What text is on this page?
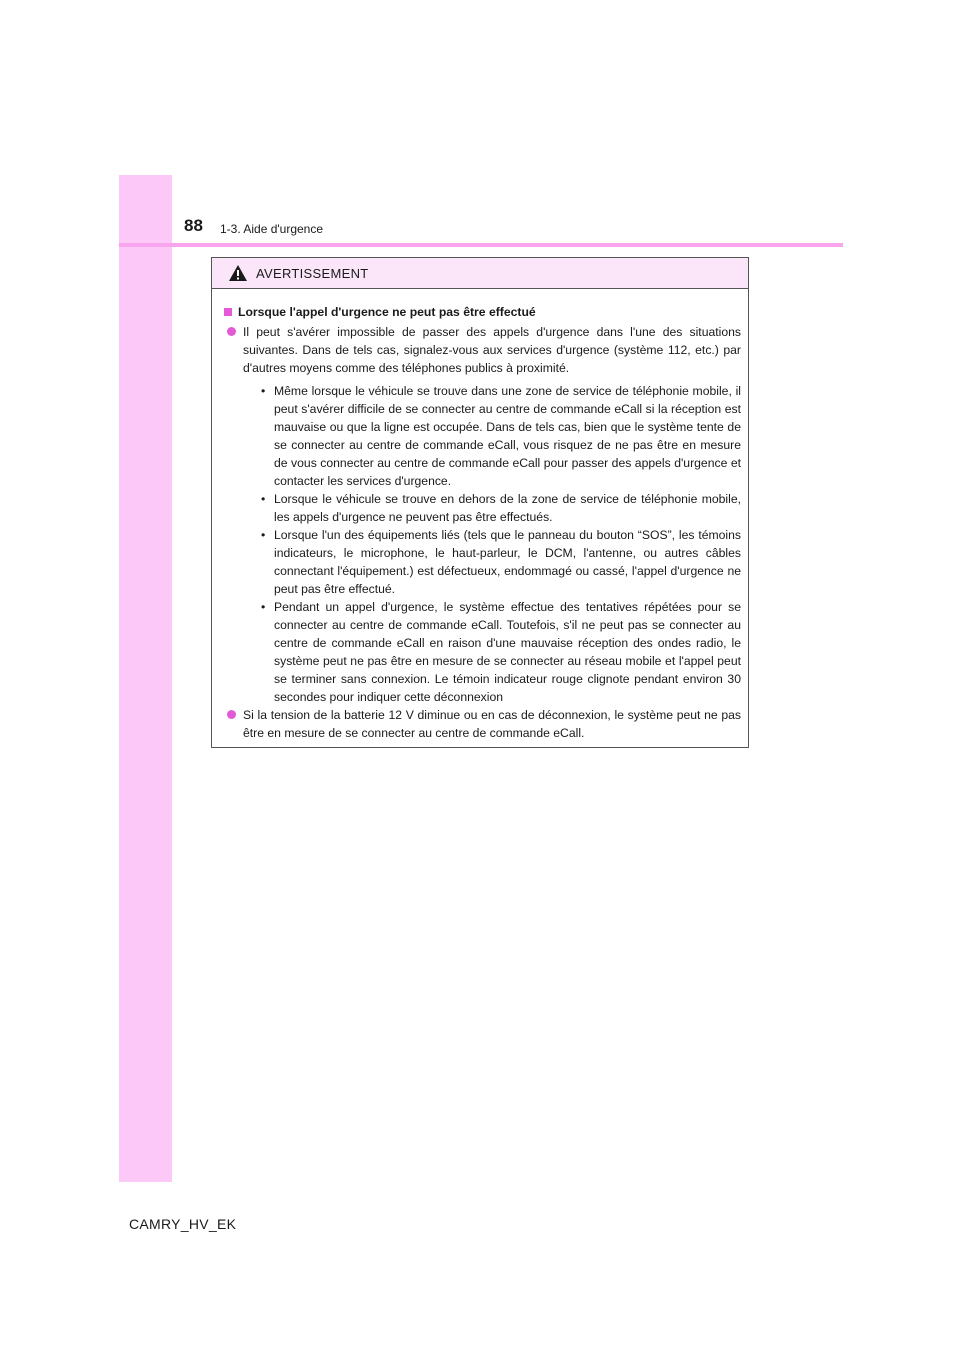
88 1-3. Aide d'urgence
AVERTISSEMENT
Lorsque l'appel d'urgence ne peut pas être effectué
Il peut s'avérer impossible de passer des appels d'urgence dans l'une des situations suivantes. Dans de tels cas, signalez-vous aux services d'urgence (système 112, etc.) par d'autres moyens comme des téléphones publics à proximité.
• Même lorsque le véhicule se trouve dans une zone de service de téléphonie mobile, il peut s'avérer difficile de se connecter au centre de commande eCall si la réception est mauvaise ou que la ligne est occupée. Dans de tels cas, bien que le système tente de se connecter au centre de commande eCall, vous risquez de ne pas être en mesure de vous connecter au centre de commande eCall pour passer des appels d'urgence et contacter les services d'urgence.
• Lorsque le véhicule se trouve en dehors de la zone de service de téléphonie mobile, les appels d'urgence ne peuvent pas être effectués.
• Lorsque l'un des équipements liés (tels que le panneau du bouton “SOS”, les témoins indicateurs, le microphone, le haut-parleur, le DCM, l'antenne, ou autres câbles connectant l'équipement.) est défectueux, endommagé ou cassé, l'appel d'urgence ne peut pas être effectué.
• Pendant un appel d'urgence, le système effectue des tentatives répétées pour se connecter au centre de commande eCall. Toutefois, s'il ne peut pas se connecter au centre de commande eCall en raison d'une mauvaise réception des ondes radio, le système peut ne pas être en mesure de se connecter au réseau mobile et l'appel peut se terminer sans connexion. Le témoin indicateur rouge clignote pendant environ 30 secondes pour indiquer cette déconnexion
Si la tension de la batterie 12 V diminue ou en cas de déconnexion, le système peut ne pas être en mesure de se connecter au centre de commande eCall.
CAMRY_HV_EK
